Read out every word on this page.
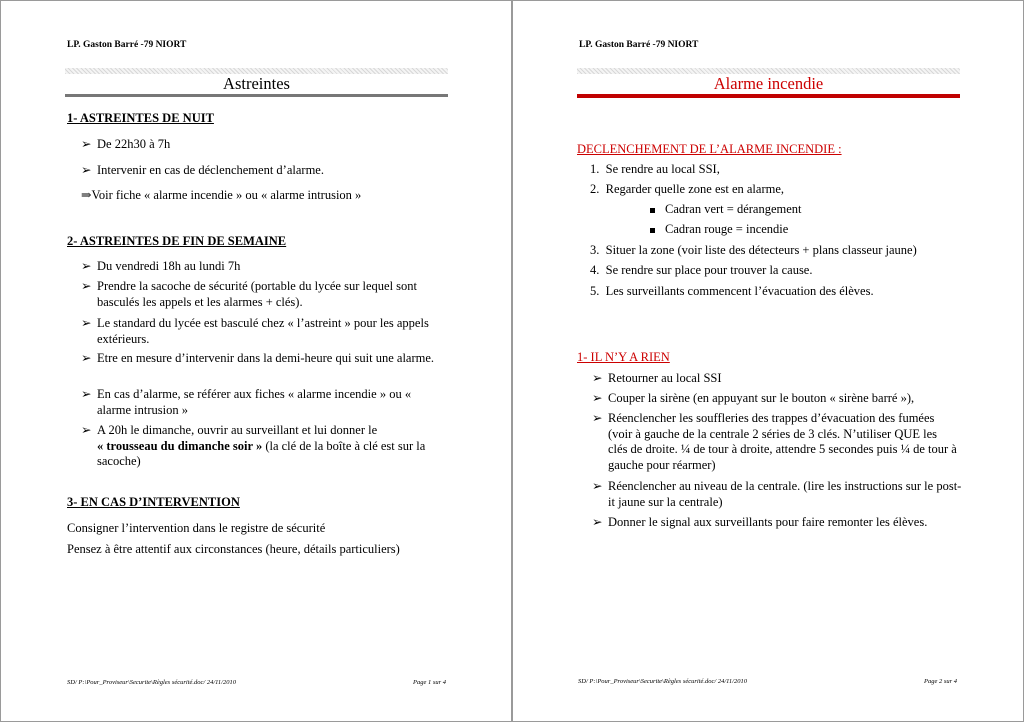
LP. Gaston Barré -79 NIORT
Astreintes
1- ASTREINTES DE NUIT
➢ De 22h30 à 7h
➢ Intervenir en cas de déclenchement d’alarme.
⇒Voir fiche « alarme incendie » ou « alarme intrusion »
2- ASTREINTES DE FIN DE SEMAINE
➢ Du vendredi 18h au lundi 7h
➢ Prendre la sacoche de sécurité (portable du lycée sur lequel sont basculés les appels et les alarmes + clés).
➢ Le standard du lycée est basculé chez « l’astreint » pour les appels extérieurs.
➢ Etre en mesure d’intervenir dans la demi-heure qui suit une alarme.
➢ En cas d’alarme, se référer aux fiches « alarme incendie » ou « alarme intrusion »
➢ A 20h le dimanche, ouvrir au surveillant et lui donner le
« trousseau du dimanche soir » (la clé de la boîte à clé est sur la sacoche)
3- EN CAS D’INTERVENTION
Consigner l’intervention dans le registre de sécurité
Pensez à être attentif aux circonstances (heure, détails particuliers)
SD/ P:\Pour_Proviseur\Securite\Règles sécurité.doc/ 24/11/2010	Page 1 sur 4
LP. Gaston Barré -79 NIORT
Alarme incendie
DECLENCHEMENT DE L’ALARME INCENDIE :
1. Se rendre au local SSI,
2. Regarder quelle zone est en alarme,
Cadran vert = dérangement
Cadran rouge = incendie
3. Situer la zone (voir liste des détecteurs + plans classeur jaune)
4. Se rendre sur place pour trouver la cause.
5. Les surveillants commencent l’évacuation des élèves.
1- IL N’Y A RIEN
➢ Retourner au local SSI
➢ Couper la sirène (en appuyant sur le bouton « sirène barré »),
➢ Réenclencher les souffleries des trappes d’évacuation des fumées (voir à gauche de la centrale 2 séries de 3 clés. N’utiliser QUE les clés de droite. ¼ de tour à droite, attendre 5 secondes puis ¼ de tour à gauche pour réarmer)
➢ Réenclencher au niveau de la centrale. (lire les instructions sur le post-it jaune sur la centrale)
➢ Donner le signal aux surveillants pour faire remonter les élèves.
SD/ P:\Pour_Proviseur\Securite\Règles sécurité.doc/ 24/11/2010	Page 2 sur 4
